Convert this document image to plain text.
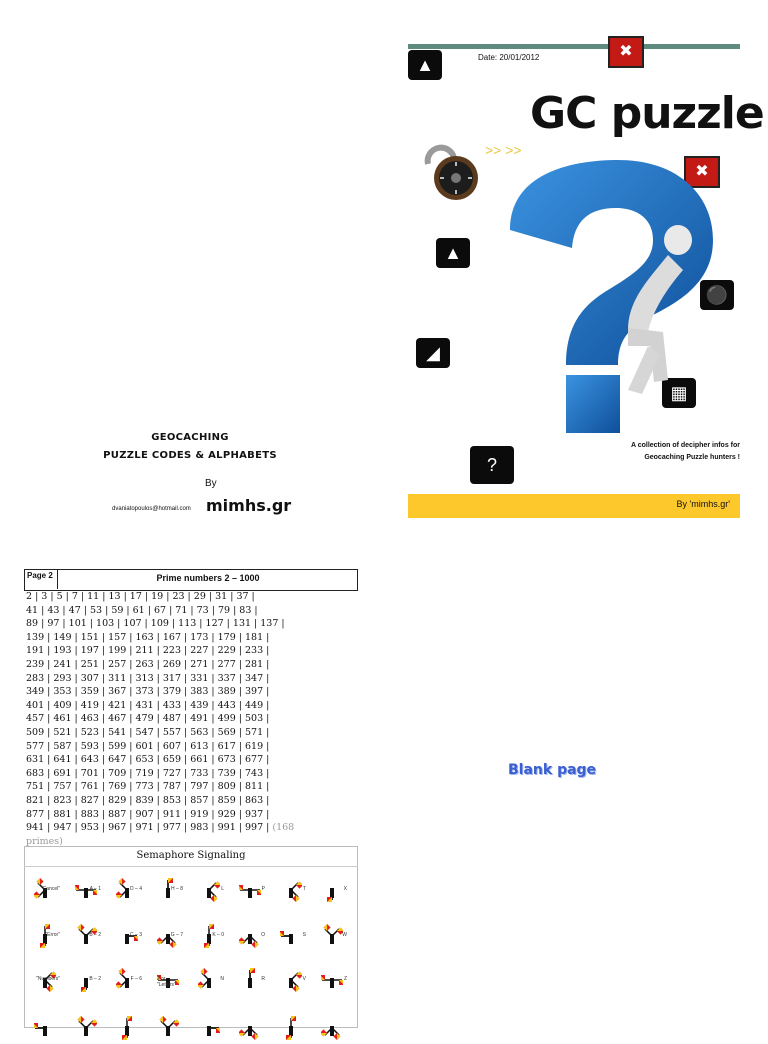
GEOCACHING
PUZZLE CODES & ALPHABETS
By
dvaniatopoulos@hotmail.com mimhs.gr
Date: 20/01/2012
GC puzzle
▲
✖
>> >>
✖
▲
⚫
◢
▦
?
A collection of decipher infos for
Geocaching Puzzle hunters !
By 'mimhs.gr'
Page 2	Prime numbers 2 – 1000
2 | 3 | 5 | 7 | 11 | 13 | 17 | 19 | 23 | 29 | 31 | 37 |
41 | 43 | 47 | 53 | 59 | 61 | 67 | 71 | 73 | 79 | 83 |
89 | 97 | 101 | 103 | 107 | 109 | 113 | 127 | 131 | 137 |
139 | 149 | 151 | 157 | 163 | 167 | 173 | 179 | 181 |
191 | 193 | 197 | 199 | 211 | 223 | 227 | 229 | 233 |
239 | 241 | 251 | 257 | 263 | 269 | 271 | 277 | 281 |
283 | 293 | 307 | 311 | 313 | 317 | 331 | 337 | 347 |
349 | 353 | 359 | 367 | 373 | 379 | 383 | 389 | 397 |
401 | 409 | 419 | 421 | 431 | 433 | 439 | 443 | 449 |
457 | 461 | 463 | 467 | 479 | 487 | 491 | 499 | 503 |
509 | 521 | 523 | 541 | 547 | 557 | 563 | 569 | 571 |
577 | 587 | 593 | 599 | 601 | 607 | 613 | 617 | 619 |
631 | 641 | 643 | 647 | 653 | 659 | 661 | 673 | 677 |
683 | 691 | 701 | 709 | 719 | 727 | 733 | 739 | 743 |
751 | 757 | 761 | 769 | 773 | 787 | 797 | 809 | 811 |
821 | 823 | 827 | 829 | 839 | 853 | 857 | 859 | 863 |
877 | 881 | 883 | 887 | 907 | 911 | 919 | 929 | 937 |
941 | 947 | 953 | 967 | 971 | 977 | 983 | 991 | 997 | (168
primes)
Semaphore Signaling
"Cancel"	A – 1	D – 4	H – 8	L	P	T	X
"Error"	B – 2	C – 3	G – 7	K – 0	O	S	W
"Numbers"	B – 2	F – 6	J or "Letters"
N	R	V	Z
Blank page
